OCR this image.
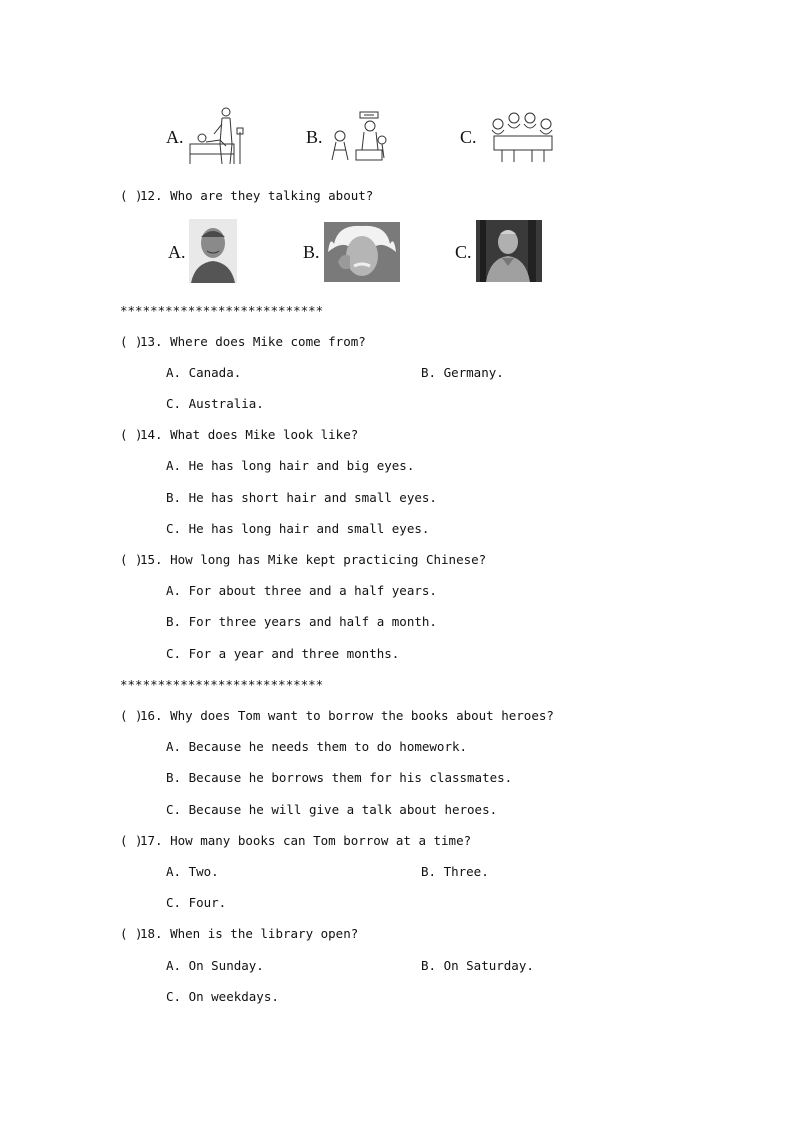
A.	B.	C.
( )
12. Who are they talking about?
A.	B.	C.
***************************
( )
13. Where does Mike come from?
A. Canada.	B. Germany.
C. Australia.
( )
14. What does Mike look like?
A. He has long hair and big eyes.
B. He has short hair and small eyes.
C. He has long hair and small eyes.
( )
15. How long has Mike kept practicing Chinese?
A. For about three and a half years.
B. For three years and half a month.
C. For a year and three months.
***************************
( )
16. Why does Tom want to borrow the books about heroes?
A. Because he needs them to do homework.
B. Because he borrows them for his classmates.
C. Because he will give a talk about heroes.
( )
17. How many books can Tom borrow at a time?
A. Two.	B. Three.
C. Four.
( )
18. When is the library open?
A. On Sunday.	B. On Saturday.
C. On weekdays.
